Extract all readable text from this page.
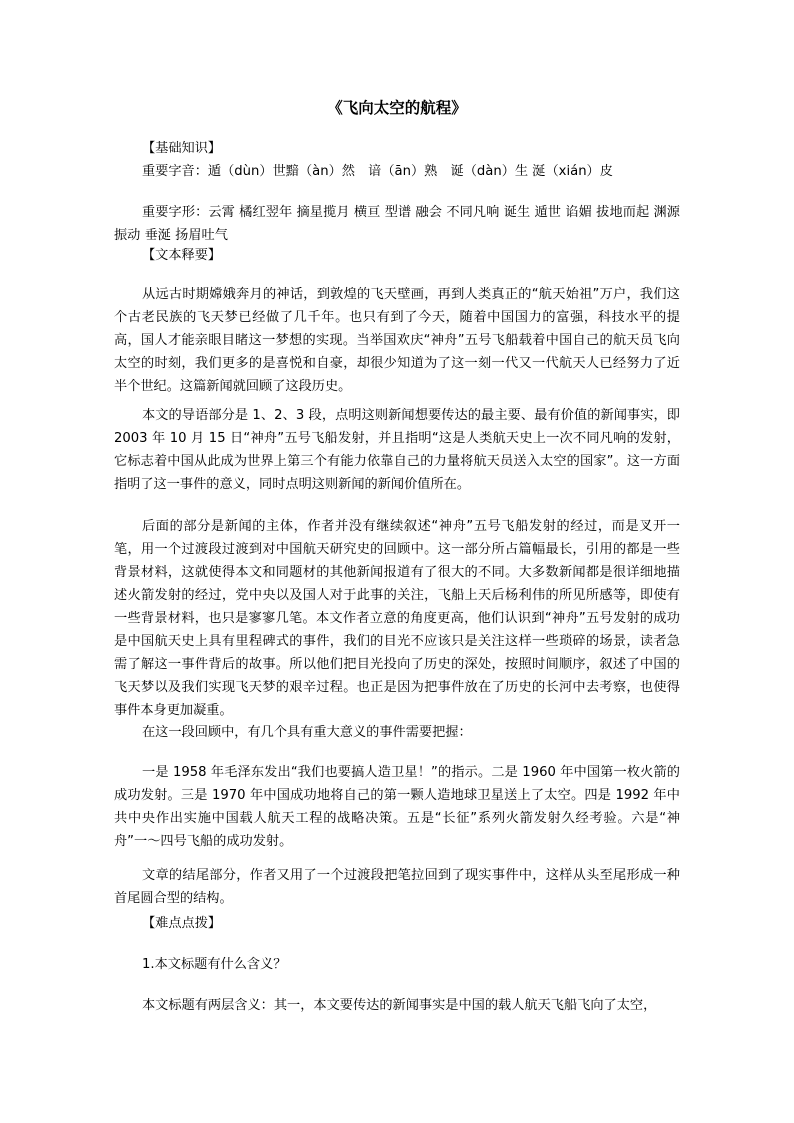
《飞向太空的航程》
【基础知识】
重要字音：遁（dùn）世黯（àn）然　谙（ān）熟　诞（dàn）生 涎（xián）皮
重要字形：云霄 橘红翌年 摘星揽月 横亘 型谱 融会 不同凡响 诞生 遁世 谄媚 拔地而起 渊源 振动 垂涎 扬眉吐气
【文本释要】
从远古时期嫦娥奔月的神话，到敦煌的飞天壁画，再到人类真正的“航天始祖”万户，我们这个古老民族的飞天梦已经做了几千年。也只有到了今天，随着中国国力的富强，科技水平的提高，国人才能亲眼目睹这一梦想的实现。当举国欢庆“神舟”五号飞船载着中国自己的航天员飞向太空的时刻，我们更多的是喜悦和自豪，却很少知道为了这一刻一代又一代航天人已经努力了近半个世纪。这篇新闻就回顾了这段历史。
本文的导语部分是 1、2、3 段，点明这则新闻想要传达的最主要、最有价值的新闻事实，即 2003 年 10 月 15 日“神舟”五号飞船发射，并且指明“这是人类航天史上一次不同凡响的发射，它标志着中国从此成为世界上第三个有能力依靠自己的力量将航天员送入太空的国家”。这一方面指明了这一事件的意义，同时点明这则新闻的新闻价值所在。
后面的部分是新闻的主体，作者并没有继续叙述“神舟”五号飞船发射的经过，而是叉开一笔，用一个过渡段过渡到对中国航天研究史的回顾中。这一部分所占篇幅最长，引用的都是一些背景材料，这就使得本文和同题材的其他新闻报道有了很大的不同。大多数新闻都是很详细地描述火箭发射的经过，党中央以及国人对于此事的关注，飞船上天后杨利伟的所见所感等，即使有一些背景材料，也只是寥寥几笔。本文作者立意的角度更高，他们认识到“神舟”五号发射的成功是中国航天史上具有里程碑式的事件，我们的目光不应该只是关注这样一些琐碎的场景，读者急需了解这一事件背后的故事。所以他们把目光投向了历史的深处，按照时间顺序，叙述了中国的飞天梦以及我们实现飞天梦的艰辛过程。也正是因为把事件放在了历史的长河中去考察，也使得事件本身更加凝重。
在这一段回顾中，有几个具有重大意义的事件需要把握：
一是 1958 年毛泽东发出“我们也要搞人造卫星！”的指示。二是 1960 年中国第一枚火箭的成功发射。三是 1970 年中国成功地将自己的第一颗人造地球卫星送上了太空。四是 1992 年中共中央作出实施中国载人航天工程的战略决策。五是“长征”系列火箭发射久经考验。六是“神舟”一～四号飞船的成功发射。
文章的结尾部分，作者又用了一个过渡段把笔拉回到了现实事件中，这样从头至尾形成一种首尾圆合型的结构。
【难点点拨】
1.本文标题有什么含义？
本文标题有两层含义：其一，本文要传达的新闻事实是中国的载人航天飞船飞向了太空，
